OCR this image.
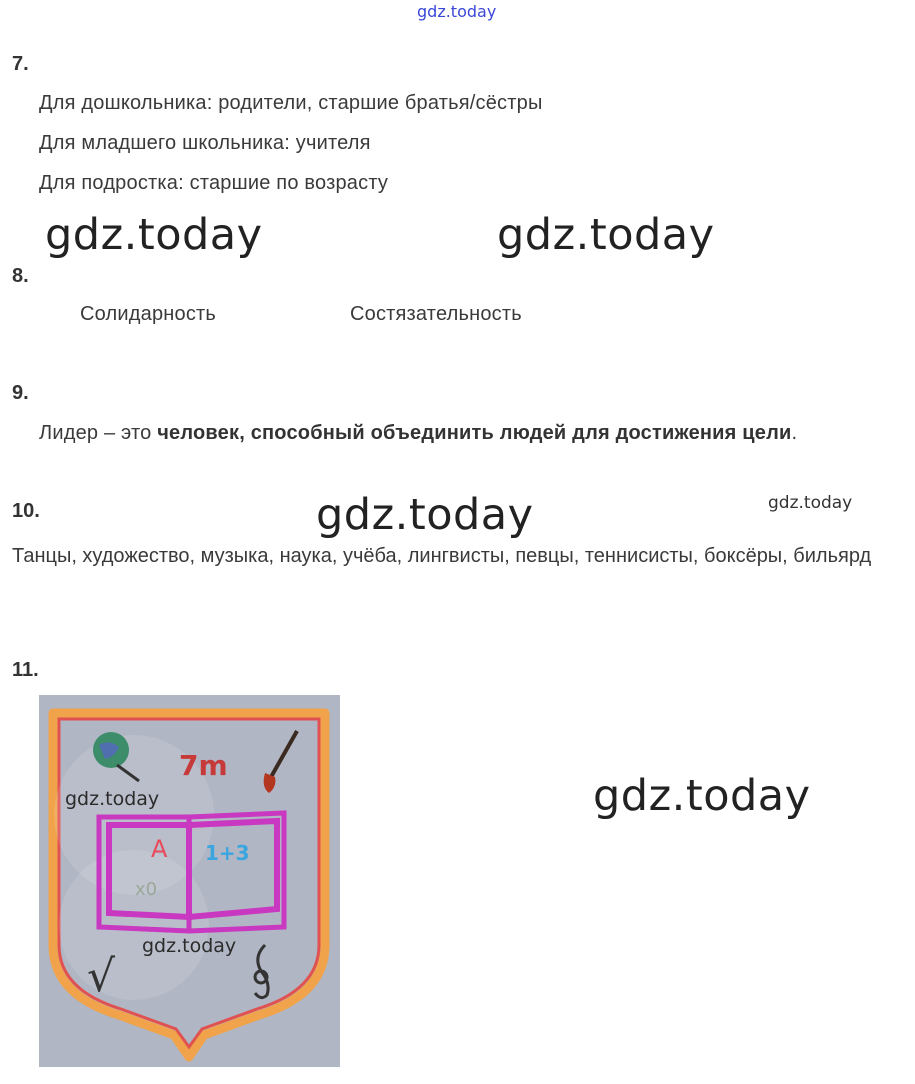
gdz.today
7.
Для дошкольника: родители, старшие братья/сёстры
Для младшего школьника: учителя
Для подростка: старшие по возрасту
gdz.today	gdz.today
8.
Солидарность	Состязательность
9.
Лидер – это человек, способный объединить людей для достижения цели.
10.	gdz.today	gdz.today
Танцы, художество, музыка, наука, учёба, лингвисты, певцы, теннисисты, боксёры, бильярд
11.
gdz.today
7m
А 1+3
x0
√
gdz.today
gdz.today
